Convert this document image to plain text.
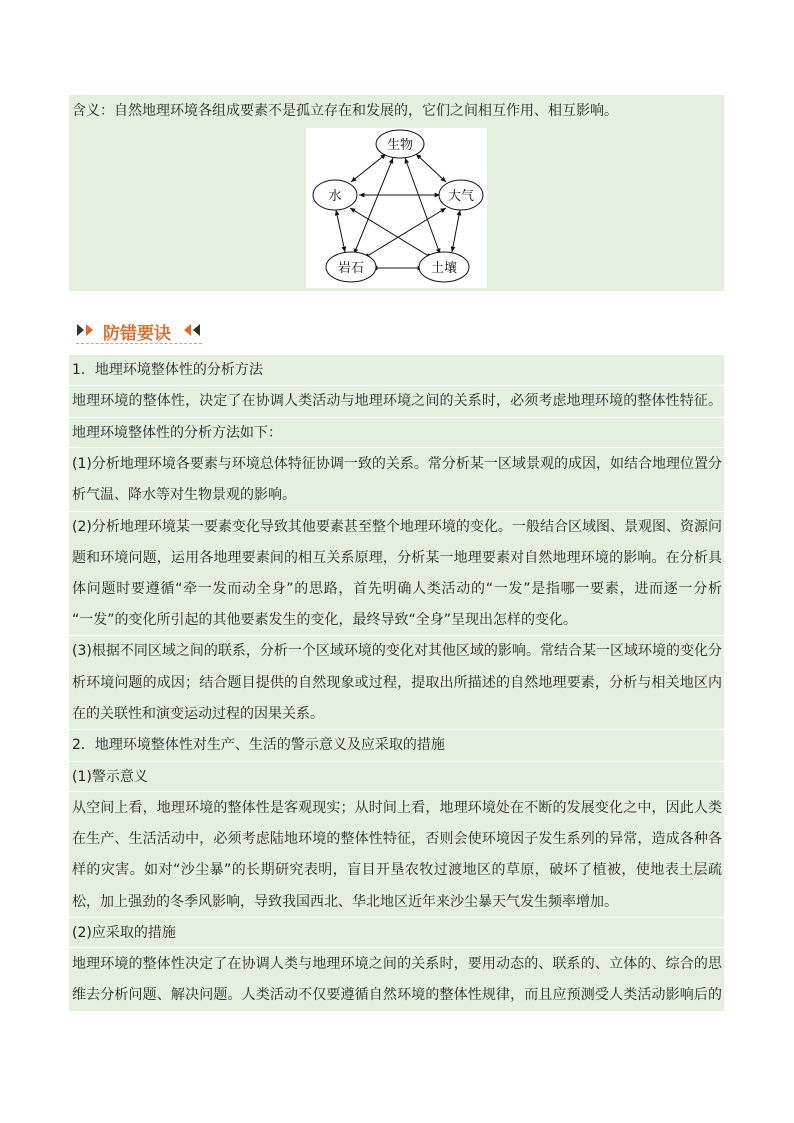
含义：自然地理环境各组成要素不是孤立存在和发展的，它们之间相互作用、相互影响。
生物
水	大气
岩石	土壤
防错要诀
1．地理环境整体性的分析方法
地理环境的整体性，决定了在协调人类活动与地理环境之间的关系时，必须考虑地理环境的整体性特征。
地理环境整体性的分析方法如下：
(1)分析地理环境各要素与环境总体特征协调一致的关系。常分析某一区域景观的成因，如结合地理位置分
析气温、降水等对生物景观的影响。
(2)分析地理环境某一要素变化导致其他要素甚至整个地理环境的变化。一般结合区域图、景观图、资源问
题和环境问题，运用各地理要素间的相互关系原理，分析某一地理要素对自然地理环境的影响。在分析具
体问题时要遵循“牵一发而动全身”的思路，首先明确人类活动的“一发”是指哪一要素，进而逐一分析
“一发”的变化所引起的其他要素发生的变化，最终导致“全身”呈现出怎样的变化。
(3)根据不同区域之间的联系，分析一个区域环境的变化对其他区域的影响。常结合某一区域环境的变化分
析环境问题的成因；结合题目提供的自然现象或过程，提取出所描述的自然地理要素，分析与相关地区内
在的关联性和演变运动过程的因果关系。
2．地理环境整体性对生产、生活的警示意义及应采取的措施
(1)警示意义
从空间上看，地理环境的整体性是客观现实；从时间上看，地理环境处在不断的发展变化之中，因此人类
在生产、生活活动中，必须考虑陆地环境的整体性特征，否则会使环境因子发生系列的异常，造成各种各
样的灾害。如对“沙尘暴”的长期研究表明，盲目开垦农牧过渡地区的草原，破坏了植被，使地表土层疏
松，加上强劲的冬季风影响，导致我国西北、华北地区近年来沙尘暴天气发生频率增加。
(2)应采取的措施
地理环境的整体性决定了在协调人类与地理环境之间的关系时，要用动态的、联系的、立体的、综合的思
维去分析问题、解决问题。人类活动不仅要遵循自然环境的整体性规律，而且应预测受人类活动影响后的
